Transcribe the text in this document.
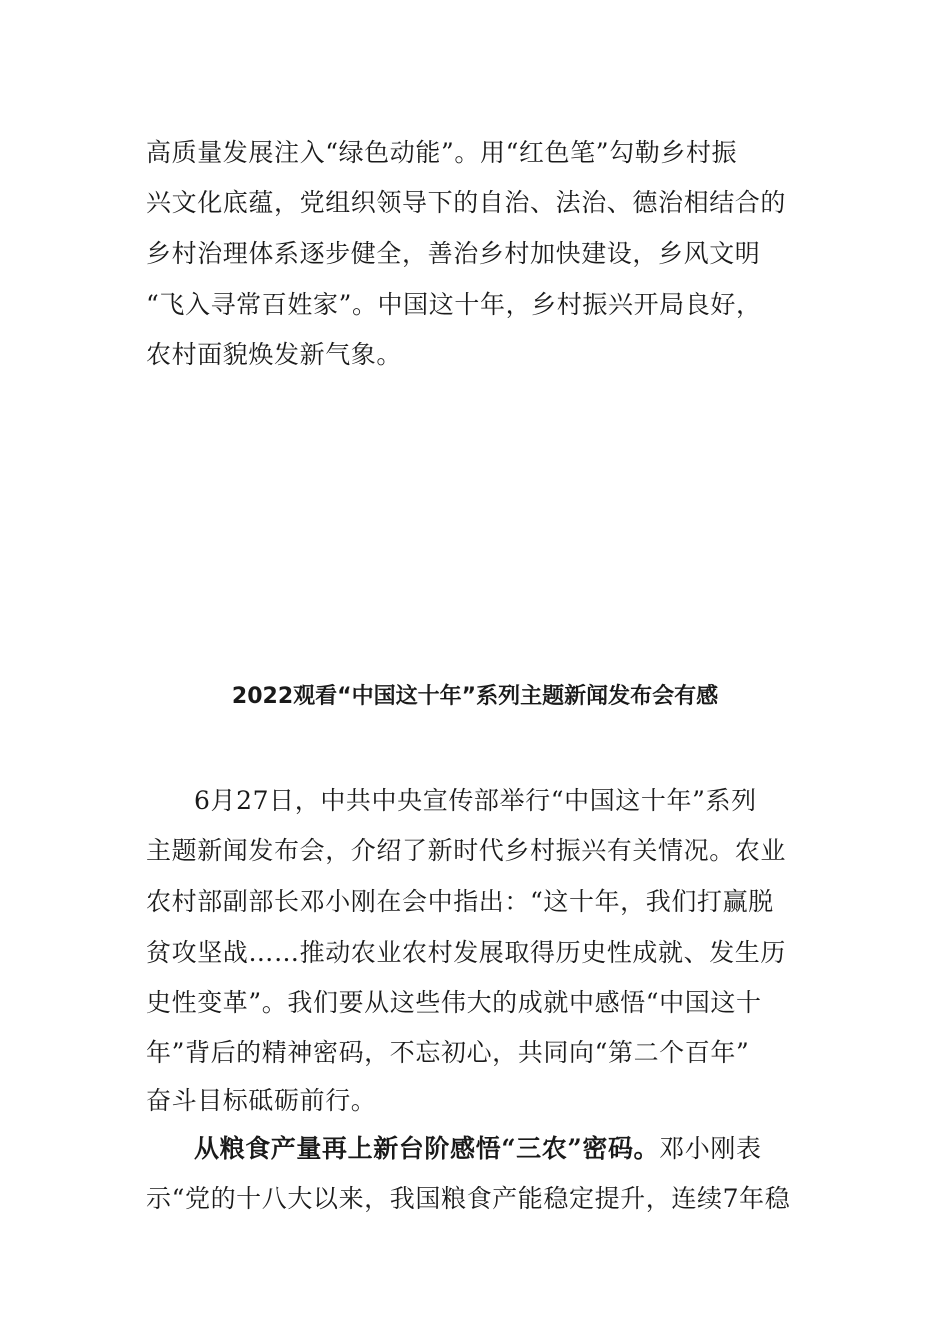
高质量发展注入“绿色动能”。用“红色笔”勾勒乡村振
兴文化底蕴，党组织领导下的自治、法治、德治相结合的
乡村治理体系逐步健全，善治乡村加快建设，乡风文明
“飞入寻常百姓家”。中国这十年，乡村振兴开局良好，
农村面貌焕发新气象。
2022观看“中国这十年”系列主题新闻发布会有感
6月27日，中共中央宣传部举行“中国这十年”系列
主题新闻发布会，介绍了新时代乡村振兴有关情况。农业
农村部副部长邓小刚在会中指出：“这十年，我们打赢脱
贫攻坚战……推动农业农村发展取得历史性成就、发生历
史性变革”。我们要从这些伟大的成就中感悟“中国这十
年”背后的精神密码，不忘初心，共同向“第二个百年”
奋斗目标砥砺前行。
从粮食产量再上新台阶感悟“三农”密码。邓小刚表
示“党的十八大以来，我国粮食产能稳定提升，连续7年稳
